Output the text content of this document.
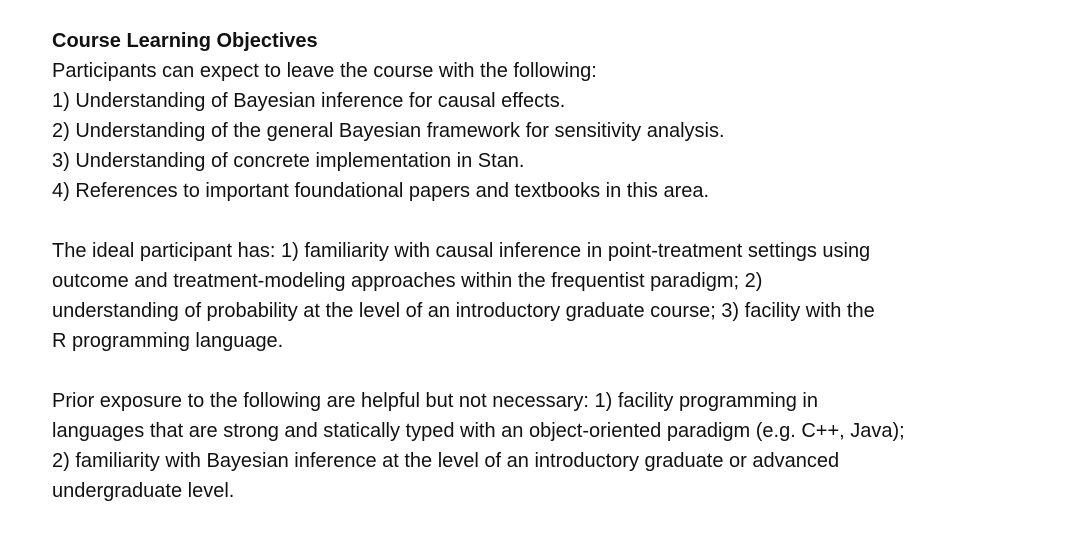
Course Learning Objectives
Participants can expect to leave the course with the following:
1) Understanding of Bayesian inference for causal effects.
2) Understanding of the general Bayesian framework for sensitivity analysis.
3) Understanding of concrete implementation in Stan.
4) References to important foundational papers and textbooks in this area.
The ideal participant has: 1) familiarity with causal inference in point-treatment settings using
outcome and treatment-modeling approaches within the frequentist paradigm; 2)
understanding of probability at the level of an introductory graduate course; 3) facility with the
R programming language.
Prior exposure to the following are helpful but not necessary: 1) facility programming in
languages that are strong and statically typed with an object-oriented paradigm (e.g. C++, Java);
2) familiarity with Bayesian inference at the level of an introductory graduate or advanced
undergraduate level.
